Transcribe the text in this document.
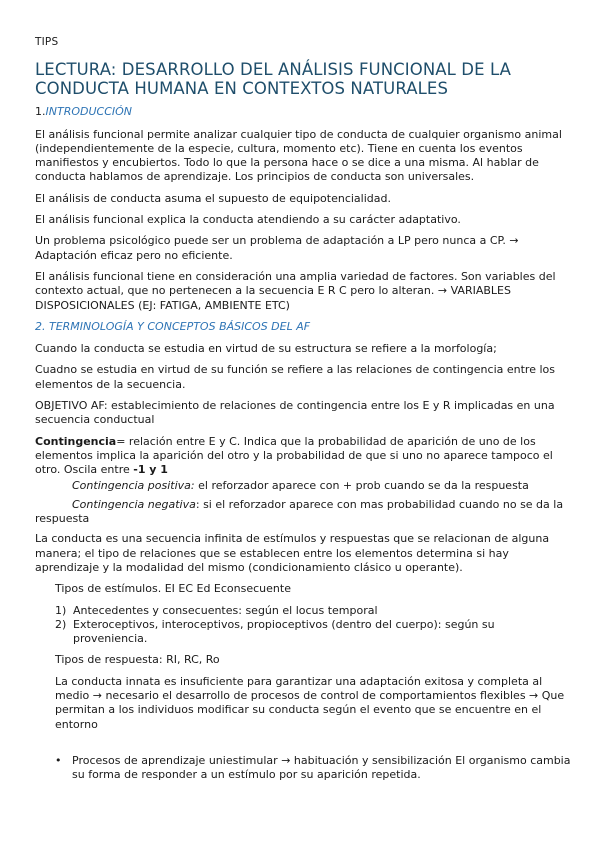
TIPS
LECTURA: DESARROLLO DEL ANÁLISIS FUNCIONAL DE LA CONDUCTA HUMANA EN CONTEXTOS NATURALES
1.INTRODUCCIÓN

El análisis funcional permite analizar cualquier tipo de conducta de cualquier organismo animal (independientemente de la especie, cultura, momento etc). Tiene en cuenta los eventos manifiestos y encubiertos. Todo lo que la persona hace o se dice a una misma. Al hablar de conducta hablamos de aprendizaje. Los principios de conducta son universales.

El análisis de conducta asuma el supuesto de equipotencialidad.

El análisis funcional explica la conducta atendiendo a su carácter adaptativo.

Un problema psicológico puede ser un problema de adaptación a LP pero nunca a CP. → Adaptación eficaz pero no eficiente.

El análisis funcional tiene en consideración una amplia variedad de factores. Son variables del contexto actual, que no pertenecen a la secuencia E R C pero lo alteran. → VARIABLES DISPOSICIONALES (EJ: FATIGA, AMBIENTE ETC)

2. TERMINOLOGÍA Y CONCEPTOS BÁSICOS DEL AF

Cuando la conducta se estudia en virtud de su estructura se refiere a la morfología;

Cuadno se estudia en virtud de su función se refiere a las relaciones de contingencia entre los elementos de la secuencia.

OBJETIVO AF: establecimiento de relaciones de contingencia entre los E y R implicadas en una secuencia conductual

Contingencia= relación entre E y C. Indica que la probabilidad de aparición de uno de los elementos implica la aparición del otro y la probabilidad de que si uno no aparece tampoco el otro. Oscila entre -1 y 1

Contingencia positiva: el reforzador aparece con + prob cuando se da la respuesta

Contingencia negativa: si el reforzador aparece con mas probabilidad cuando no se da la respuesta

La conducta es una secuencia infinita de estímulos y respuestas que se relacionan de alguna manera; el tipo de relaciones que se establecen entre los elementos determina si hay aprendizaje y la modalidad del mismo (condicionamiento clásico u operante).

Tipos de estímulos. EI EC Ed Econsecuente

1) Antecedentes y consecuentes: según el locus temporal
2) Exteroceptivos, interoceptivos, propioceptivos (dentro del cuerpo): según su proveniencia.

Tipos de respuesta: RI, RC, Ro

La conducta innata es insuficiente para garantizar una adaptación exitosa y completa al medio → necesario el desarrollo de procesos de control de comportamientos flexibles → Que permitan a los individuos modificar su conducta según el evento que se encuentre en el entorno

• Procesos de aprendizaje uniestimular → habituación y sensibilización El organismo cambia su forma de responder a un estímulo por su aparición repetida.
